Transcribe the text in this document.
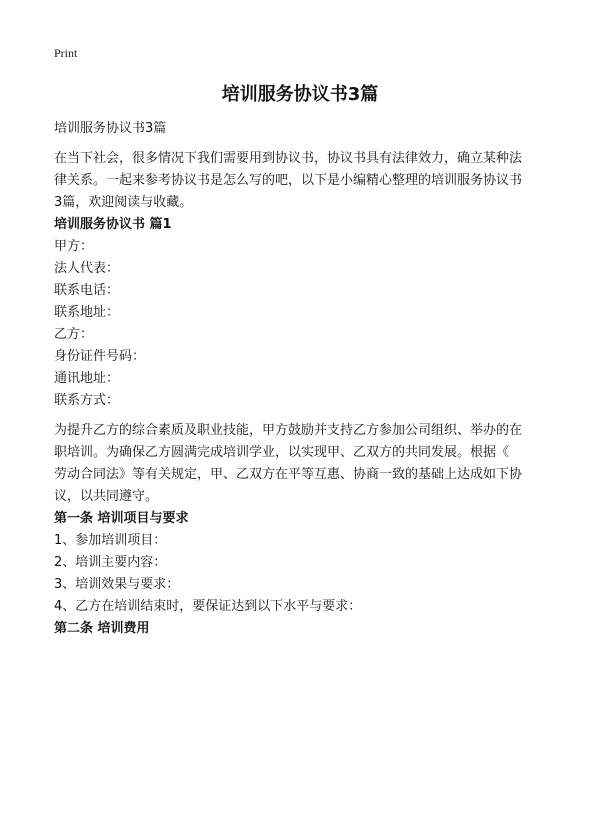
Print
培训服务协议书3篇

培训服务协议书3篇

在当下社会，很多情况下我们需要用到协议书，协议书具有法律效力，确立某种法

律关系。一起来参考协议书是怎么写的吧，以下是小编精心整理的培训服务协议书

3篇，欢迎阅读与收藏。

培训服务协议书 篇1

甲方：

法人代表：

联系电话：

联系地址：

乙方：

身份证件号码：

通讯地址：

联系方式：

为提升乙方的综合素质及职业技能，甲方鼓励并支持乙方参加公司组织、举办的在

职培训。为确保乙方圆满完成培训学业，以实现甲、乙双方的共同发展。根据《

劳动合同法》等有关规定，甲、乙双方在平等互惠、协商一致的基础上达成如下协

议，以共同遵守。

第一条 培训项目与要求

1、参加培训项目：

2、培训主要内容：

3、培训效果与要求：

4、乙方在培训结束时，要保证达到以下水平与要求：

第二条 培训费用
